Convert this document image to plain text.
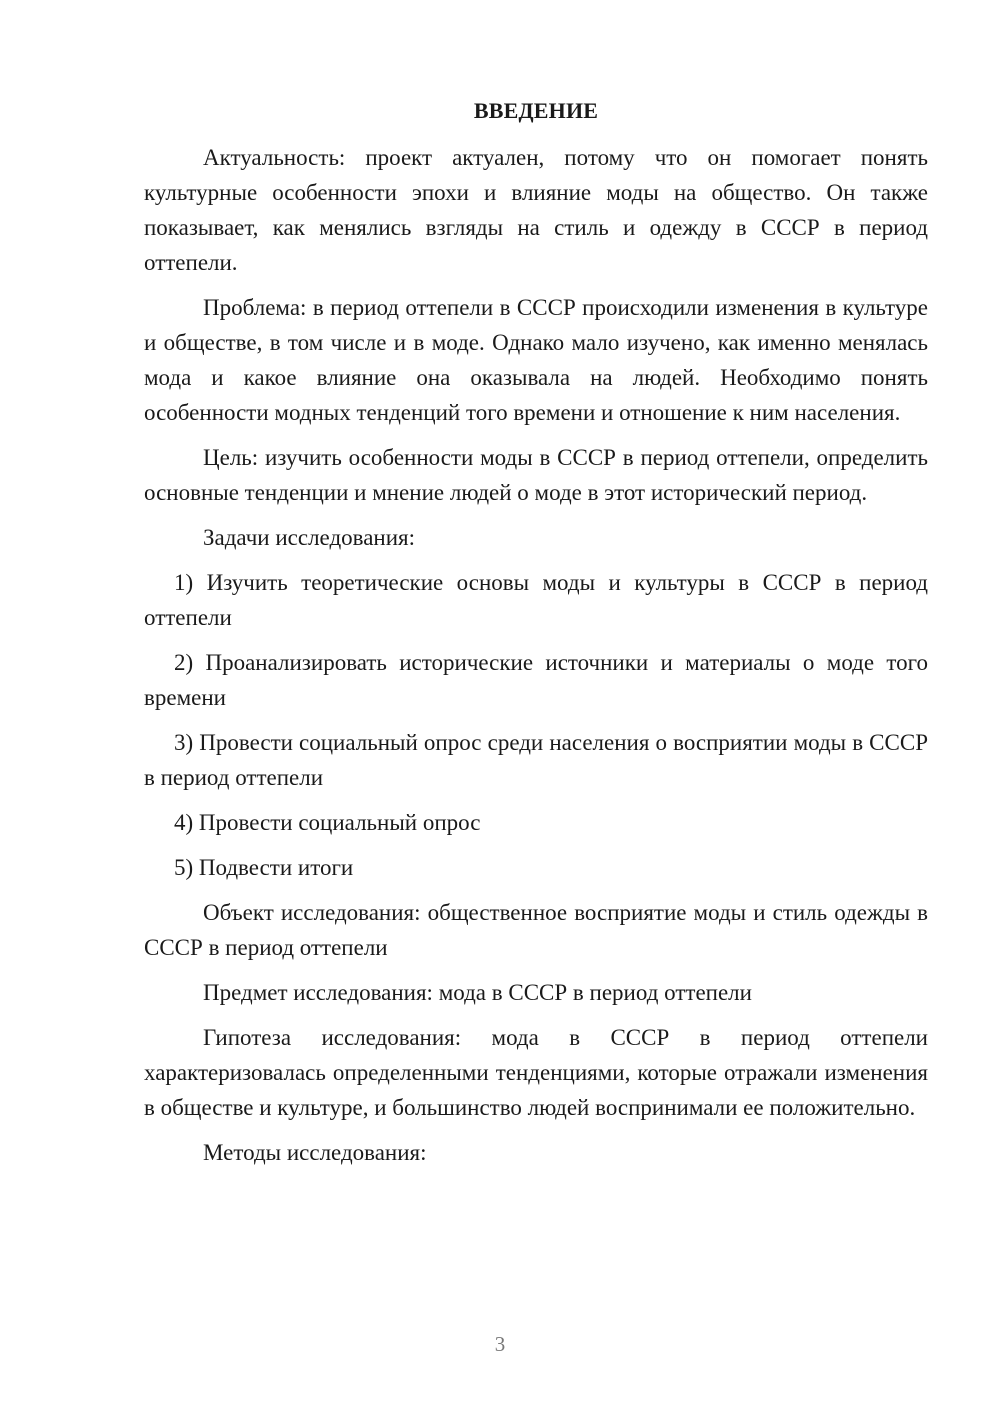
ВВЕДЕНИЕ

Актуальность: проект актуален, потому что он помогает понять культурные особенности эпохи и влияние моды на общество. Он также показывает, как менялись взгляды на стиль и одежду в СССР в период оттепели.

Проблема: в период оттепели в СССР происходили изменения в культуре и обществе, в том числе и в моде. Однако мало изучено, как именно менялась мода и какое влияние она оказывала на людей. Необходимо понять особенности модных тенденций того времени и отношение к ним населения.

Цель: изучить особенности моды в СССР в период оттепели, определить основные тенденции и мнение людей о моде в этот исторический период.

Задачи исследования:

1) Изучить теоретические основы моды и культуры в СССР в период оттепели

2) Проанализировать исторические источники и материалы о моде того времени

3) Провести социальный опрос среди населения о восприятии моды в СССР в период оттепели

4) Провести социальный опрос

5) Подвести итоги

Объект исследования: общественное восприятие моды и стиль одежды в СССР в период оттепели

Предмет исследования: мода в СССР в период оттепели

Гипотеза исследования: мода в СССР в период оттепели характеризовалась определенными тенденциями, которые отражали изменения в обществе и культуре, и большинство людей воспринимали ее положительно.

Методы исследования:

3
